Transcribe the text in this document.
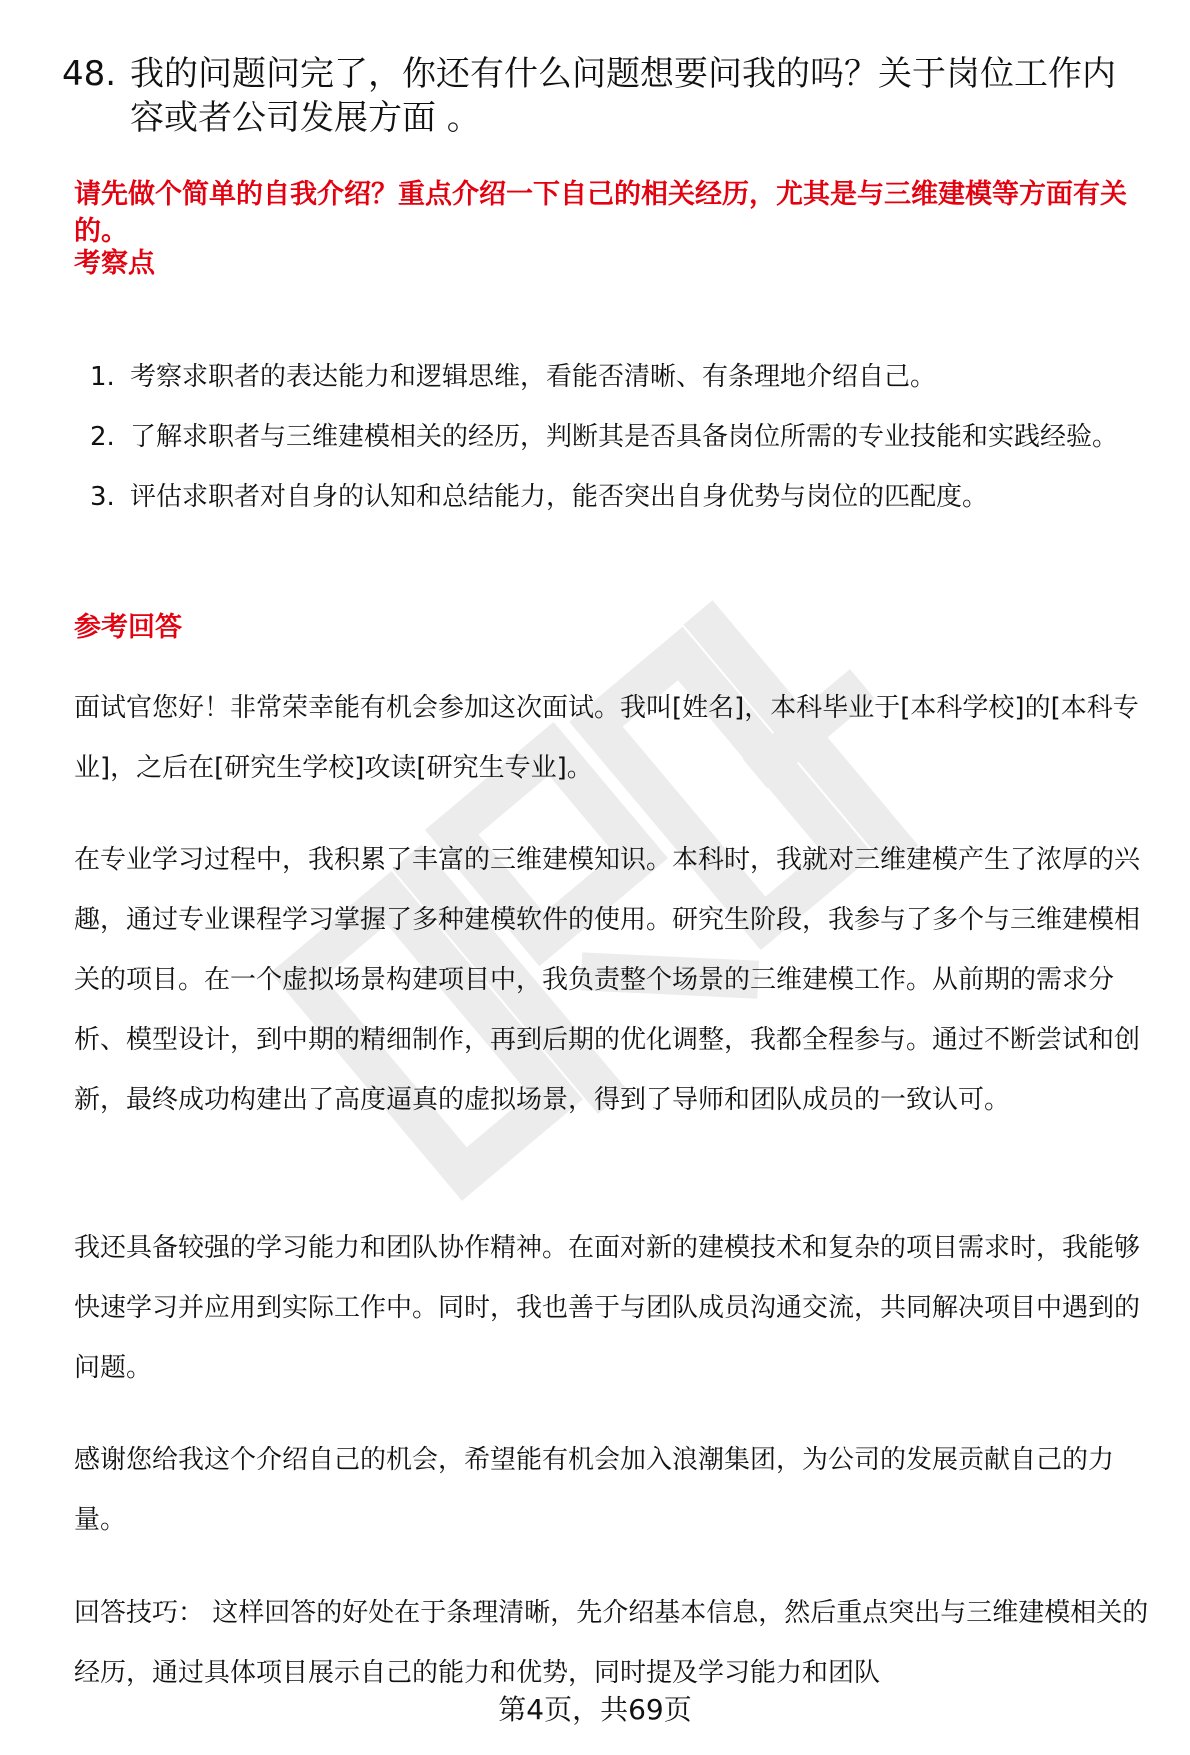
48. 我的问题问完了，你还有什么问题想要问我的吗？关于岗位工作内容或者公司发展方面 。

请先做个简单的自我介绍？重点介绍一下自己的相关经历，尤其是与三维建模等方面有关的。

考察点
1. 考察求职者的表达能力和逻辑思维，看能否清晰、有条理地介绍自己。
2. 了解求职者与三维建模相关的经历，判断其是否具备岗位所需的专业技能和实践经验。
3. 评估求职者对自身的认知和总结能力，能否突出自身优势与岗位的匹配度。
参考回答

面试官您好！非常荣幸能有机会参加这次面试。我叫[姓名]，本科毕业于[本科学校]的[本科专业]，之后在[研究生学校]攻读[研究生专业]。

在专业学习过程中，我积累了丰富的三维建模知识。本科时，我就对三维建模产生了浓厚的兴趣，通过专业课程学习掌握了多种建模软件的使用。研究生阶段，我参与了多个与三维建模相关的项目。在一个虚拟场景构建项目中，我负责整个场景的三维建模工作。从前期的需求分析、模型设计，到中期的精细制作，再到后期的优化调整，我都全程参与。通过不断尝试和创新，最终成功构建出了高度逼真的虚拟场景，得到了导师和团队成员的一致认可。

我还具备较强的学习能力和团队协作精神。在面对新的建模技术和复杂的项目需求时，我能够快速学习并应用到实际工作中。同时，我也善于与团队成员沟通交流，共同解决项目中遇到的问题。

感谢您给我这个介绍自己的机会，希望能有机会加入浪潮集团，为公司的发展贡献自己的力量。

回答技巧： 这样回答的好处在于条理清晰，先介绍基本信息，然后重点突出与三维建模相关的经历，通过具体项目展示自己的能力和优势，同时提及学习能力和团队

第4页，共69页
